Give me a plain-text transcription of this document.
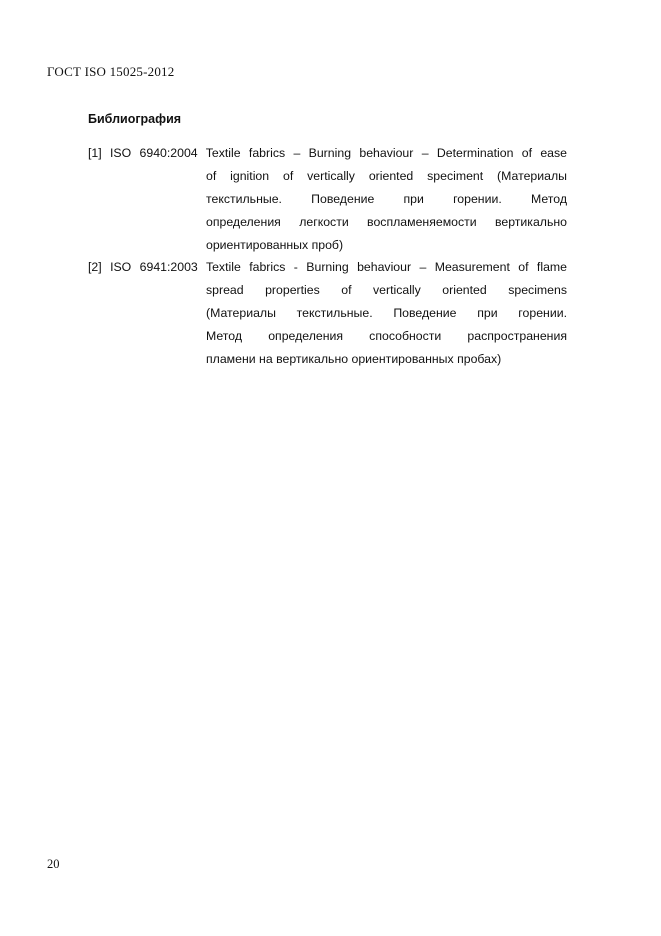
ГОСТ ISO 15025-2012
Библиография
[1] ISO 6940:2004 Textile fabrics – Burning behaviour – Determination of ease
of ignition of vertically oriented speciment (Материалы
текстильные. Поведение при горении. Метод
определения легкости воспламеняемости вертикально
ориентированных проб)
[2] ISO 6941:2003 Textile fabrics - Burning behaviour – Measurement of flame
spread properties of vertically oriented specimens
(Материалы текстильные. Поведение при горении.
Метод определения способности распространения
пламени на вертикально ориентированных пробах)
20
